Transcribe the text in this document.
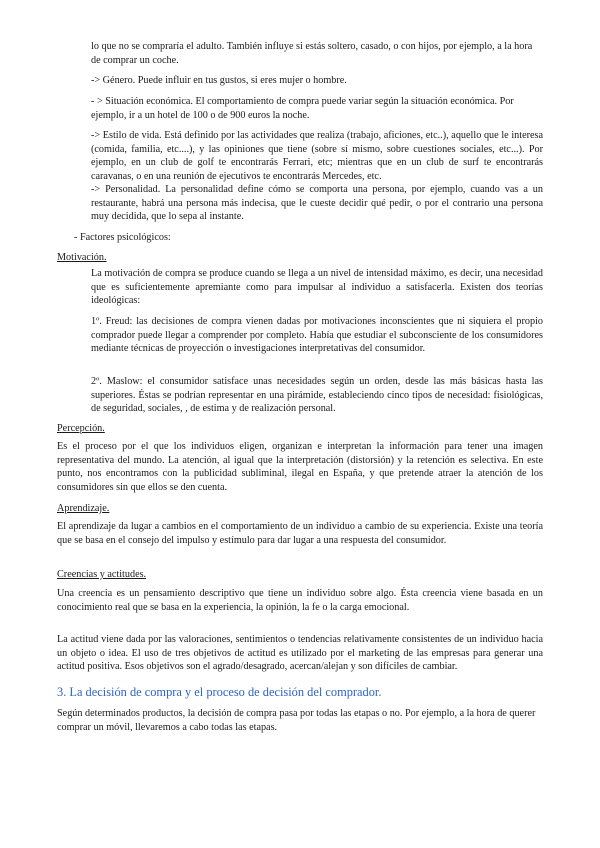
lo que no se compraría el adulto. También influye si estás soltero, casado, o con hijos, por ejemplo, a la hora de comprar un coche.

-> Género. Puede influir en tus gustos, si eres mujer o hombre.

- > Situación económica. El comportamiento de compra puede variar según la situación económica. Por ejemplo, ir a un hotel de 100 o de 900 euros la noche.

-> Estilo de vida. Está definido por las actividades que realiza (trabajo, aficiones, etc..), aquello que le interesa (comida, familia, etc....), y las opiniones que tiene (sobre sí mismo, sobre cuestiones sociales, etc...). Por ejemplo, en un club de golf te encontrarás Ferrari, etc; mientras que en un club de surf te encontrarás caravanas, o en una reunión de ejecutivos te encontrarás Mercedes, etc.

-> Personalidad. La personalidad define cómo se comporta una persona, por ejemplo, cuando vas a un restaurante, habrá una persona más indecisa, que le cueste decidir qué pedir, o por el contrario una persona muy decidida, que lo sepa al instante.

- Factores psicológicos:

Motivación.

La motivación de compra se produce cuando se llega a un nivel de intensidad máximo, es decir, una necesidad que es suficientemente apremiante como para impulsar al individuo a satisfacerla. Existen dos teorías ideológicas:

1º. Freud: las decisiones de compra vienen dadas por motivaciones inconscientes que ni siquiera el propio comprador puede llegar a comprender por completo. Había que estudiar el subconsciente de los consumidores mediante técnicas de proyección o investigaciones interpretativas del consumidor.

2º. Maslow: el consumidor satisface unas necesidades según un orden, desde las más básicas hasta las superiores. Éstas se podrían representar en una pirámide, estableciendo cinco tipos de necesidad: fisiológicas, de seguridad, sociales, , de estima y de realización personal.

Percepción.

Es el proceso por el que los individuos eligen, organizan e interpretan la información para tener una imagen representativa del mundo. La atención, al igual que la interpretación (distorsión) y la retención es selectiva. En este punto, nos encontramos con la publicidad subliminal, ilegal en España, y que pretende atraer la atención de los consumidores sin que ellos se den cuenta.

Aprendizaje.

El aprendizaje da lugar a cambios en el comportamiento de un individuo a cambio de su experiencia. Existe una teoría que se basa en el consejo del impulso y estímulo para dar lugar a una respuesta del consumidor.

Creencias y actitudes.

Una creencia es un pensamiento descriptivo que tiene un individuo sobre algo. Ésta creencia viene basada en un conocimiento real que se basa en la experiencia, la opinión, la fe o la carga emocional.

La actitud viene dada por las valoraciones, sentimientos o tendencias relativamente consistentes de un individuo hacia un objeto o idea. El uso de tres objetivos de actitud es utilizado por el marketing de las empresas para generar una actitud positiva. Esos objetivos son el agrado/desagrado, acercan/alejan y son difíciles de cambiar.

3. La decisión de compra y el proceso de decisión del comprador.

Según determinados productos, la decisión de compra pasa por todas las etapas o no. Por ejemplo, a la hora de querer comprar un móvil, llevaremos a cabo todas las etapas.
